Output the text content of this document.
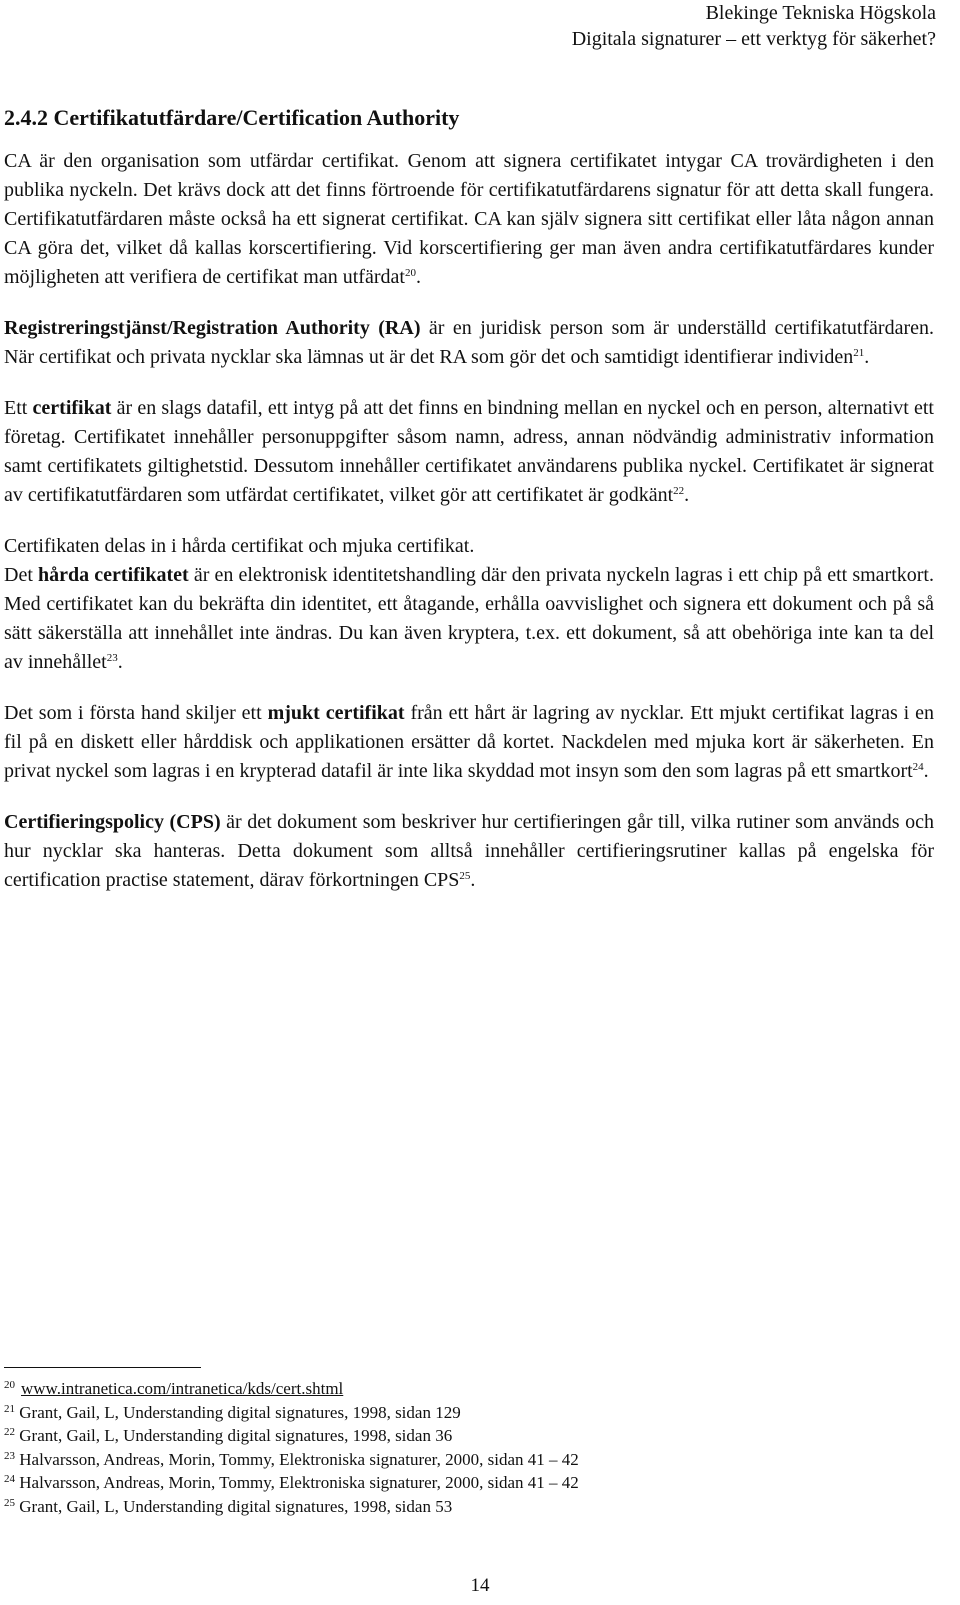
Blekinge Tekniska Högskola
Digitala signaturer – ett verktyg för säkerhet?
2.4.2 Certifikatutfärdare/Certification Authority

CA är den organisation som utfärdar certifikat. Genom att signera certifikatet intygar CA trovärdigheten i den publika nyckeln. Det krävs dock att det finns förtroende för certifikatutfärdarens signatur för att detta skall fungera. Certifikatutfärdaren måste också ha ett signerat certifikat. CA kan själv signera sitt certifikat eller låta någon annan CA göra det, vilket då kallas korscertifiering. Vid korscertifiering ger man även andra certifikatutfärdares kunder möjligheten att verifiera de certifikat man utfärdat$^{20}$.

Registreringstjänst/Registration Authority (RA) är en juridisk person som är underställd certifikatutfärdaren. När certifikat och privata nycklar ska lämnas ut är det RA som gör det och samtidigt identifierar individen$^{21}$.

Ett certifikat är en slags datafil, ett intyg på att det finns en bindning mellan en nyckel och en person, alternativt ett företag. Certifikatet innehåller personuppgifter såsom namn, adress, annan nödvändig administrativ information samt certifikatets giltighetstid. Dessutom innehåller certifikatet användarens publika nyckel. Certifikatet är signerat av certifikatutfärdaren som utfärdat certifikatet, vilket gör att certifikatet är godkänt$^{22}$.

Certifikaten delas in i hårda certifikat och mjuka certifikat.

Det hårda certifikatet är en elektronisk identitetshandling där den privata nyckeln lagras i ett chip på ett smartkort. Med certifikatet kan du bekräfta din identitet, ett åtagande, erhålla oavvislighet och signera ett dokument och på så sätt säkerställa att innehållet inte ändras. Du kan även kryptera, t.ex. ett dokument, så att obehöriga inte kan ta del av innehållet$^{23}$.

Det som i första hand skiljer ett mjukt certifikat från ett hårt är lagring av nycklar. Ett mjukt certifikat lagras i en fil på en diskett eller hårddisk och applikationen ersätter då kortet. Nackdelen med mjuka kort är säkerheten. En privat nyckel som lagras i en krypterad datafil är inte lika skyddad mot insyn som den som lagras på ett smartkort$^{24}$.

Certifieringspolicy (CPS) är det dokument som beskriver hur certifieringen går till, vilka rutiner som används och hur nycklar ska hanteras. Detta dokument som alltså innehåller certifieringsrutiner kallas på engelska för certification practise statement, därav förkortningen CPS$^{25}$.

$^{20}$ www.intranetica.com/intranetica/kds/cert.shtml
$^{21}$ Grant, Gail, L, Understanding digital signatures, 1998, sidan 129
$^{22}$ Grant, Gail, L, Understanding digital signatures, 1998, sidan 36
$^{23}$ Halvarsson, Andreas, Morin, Tommy, Elektroniska signaturer, 2000, sidan 41 – 42
$^{24}$ Halvarsson, Andreas, Morin, Tommy, Elektroniska signaturer, 2000, sidan 41 – 42
$^{25}$ Grant, Gail, L, Understanding digital signatures, 1998, sidan 53
14
